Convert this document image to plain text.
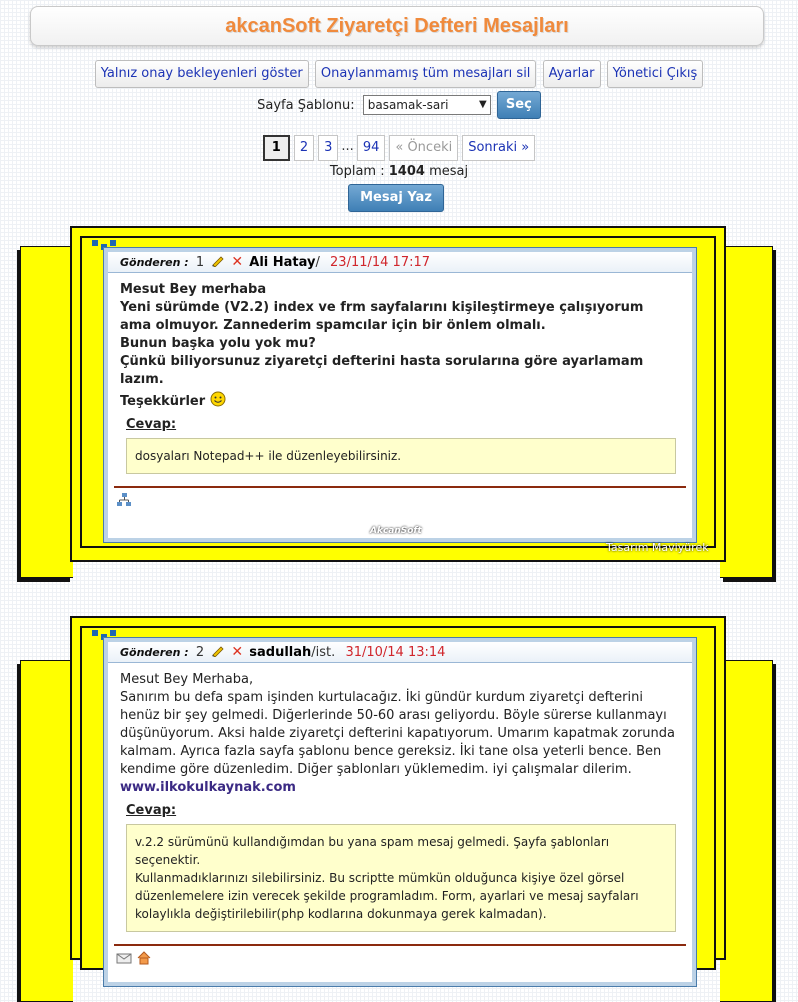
akcanSoft Ziyaretçi Defteri Mesajları
Yalnız onay bekleyenleri göster Onaylanmamış tüm mesajları sil Ayarlar Yönetici Çıkış
Sayfa Şablonu: basamak-sari	▼ Seç
1 2 3 ... 94 « Önceki Sonraki »
Toplam : 1404 mesaj
Mesaj Yaz
Gönderen : 1 ✕ Ali Hatay/ 23/11/14 17:17
Mesut Bey merhaba
Yeni sürümde (V2.2) index ve frm sayfalarını kişileştirmeye çalışıyorum
ama olmuyor. Zannederim spamcılar için bir önlem olmalı.
Bunun başka yolu yok mu?
Çünkü biliyorsunuz ziyaretçi defterini hasta sorularına göre ayarlamam
lazım.
Teşekkürler
Cevap:
dosyaları Notepad++ ile düzenleyebilirsiniz.
AkcanSoft
Tasarım Maviyürek
Gönderen : 2 ✕ sadullah/ist. 31/10/14 13:14
Mesut Bey Merhaba,
Sanırım bu defa spam işinden kurtulacağız. İki gündür kurdum ziyaretçi defterini
henüz bir şey gelmedi. Diğerlerinde 50-60 arası geliyordu. Böyle sürerse kullanmayı
düşünüyorum. Aksi halde ziyaretçi defterini kapatıyorum. Umarım kapatmak zorunda
kalmam. Ayrıca fazla sayfa şablonu bence gereksiz. İki tane olsa yeterli bence. Ben
kendime göre düzenledim. Diğer şablonları yüklemedim. iyi çalışmalar dilerim.
www.ilkokulkaynak.com
Cevap:
v.2.2 sürümünü kullandığımdan bu yana spam mesaj gelmedi. Şayfa şablonları seçenektir.
Kullanmadıklarınızı silebilirsiniz. Bu scriptte mümkün olduğunca kişiye özel görsel
düzenlemelere izin verecek şekilde programladım. Form, ayarlari ve mesaj sayfaları
kolaylıkla değiştirilebilir(php kodlarına dokunmaya gerek kalmadan).
